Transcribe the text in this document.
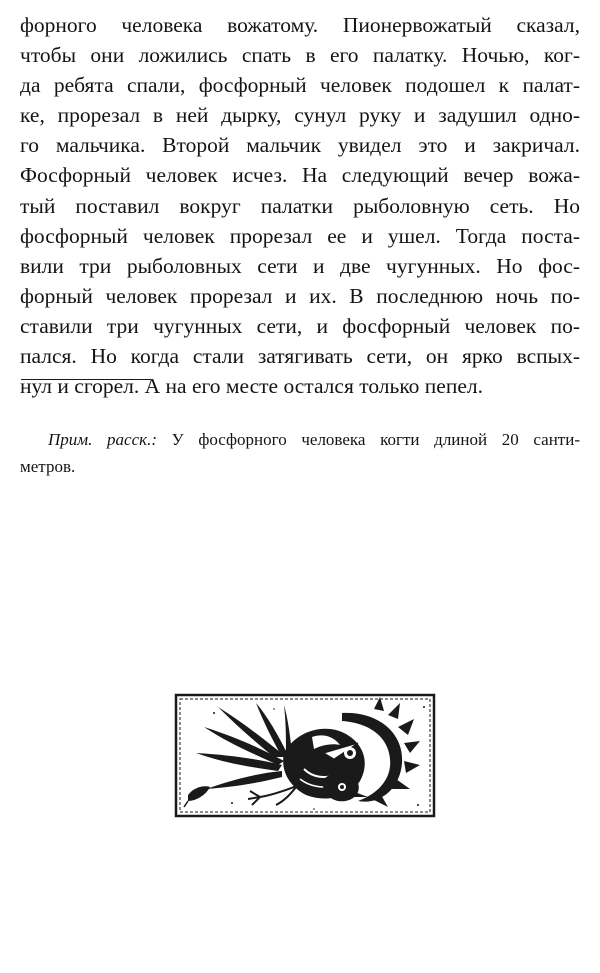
форного человека вожатому. Пионервожатый сказал,
чтобы они ложились спать в его палатку. Ночью, ког-
да ребята спали, фосфорный человек подошел к палат-
ке, прорезал в ней дырку, сунул руку и задушил одно-
го мальчика. Второй мальчик увидел это и закричал.
Фосфорный человек исчез. На следующий вечер вожа-
тый поставил вокруг палатки рыболовную сеть. Но
фосфорный человек прорезал ее и ушел. Тогда поста-
вили три рыболовных сети и две чугунных. Но фос-
форный человек прорезал и их. В последнюю ночь по-
ставили три чугунных сети, и фосфорный человек по-
пался. Но когда стали затягивать сети, он ярко вспых-
нул и сгорел. А на его месте остался только пепел.
Прим. расск.: У фосфорного человека когти длиной 20 санти-
метров.
